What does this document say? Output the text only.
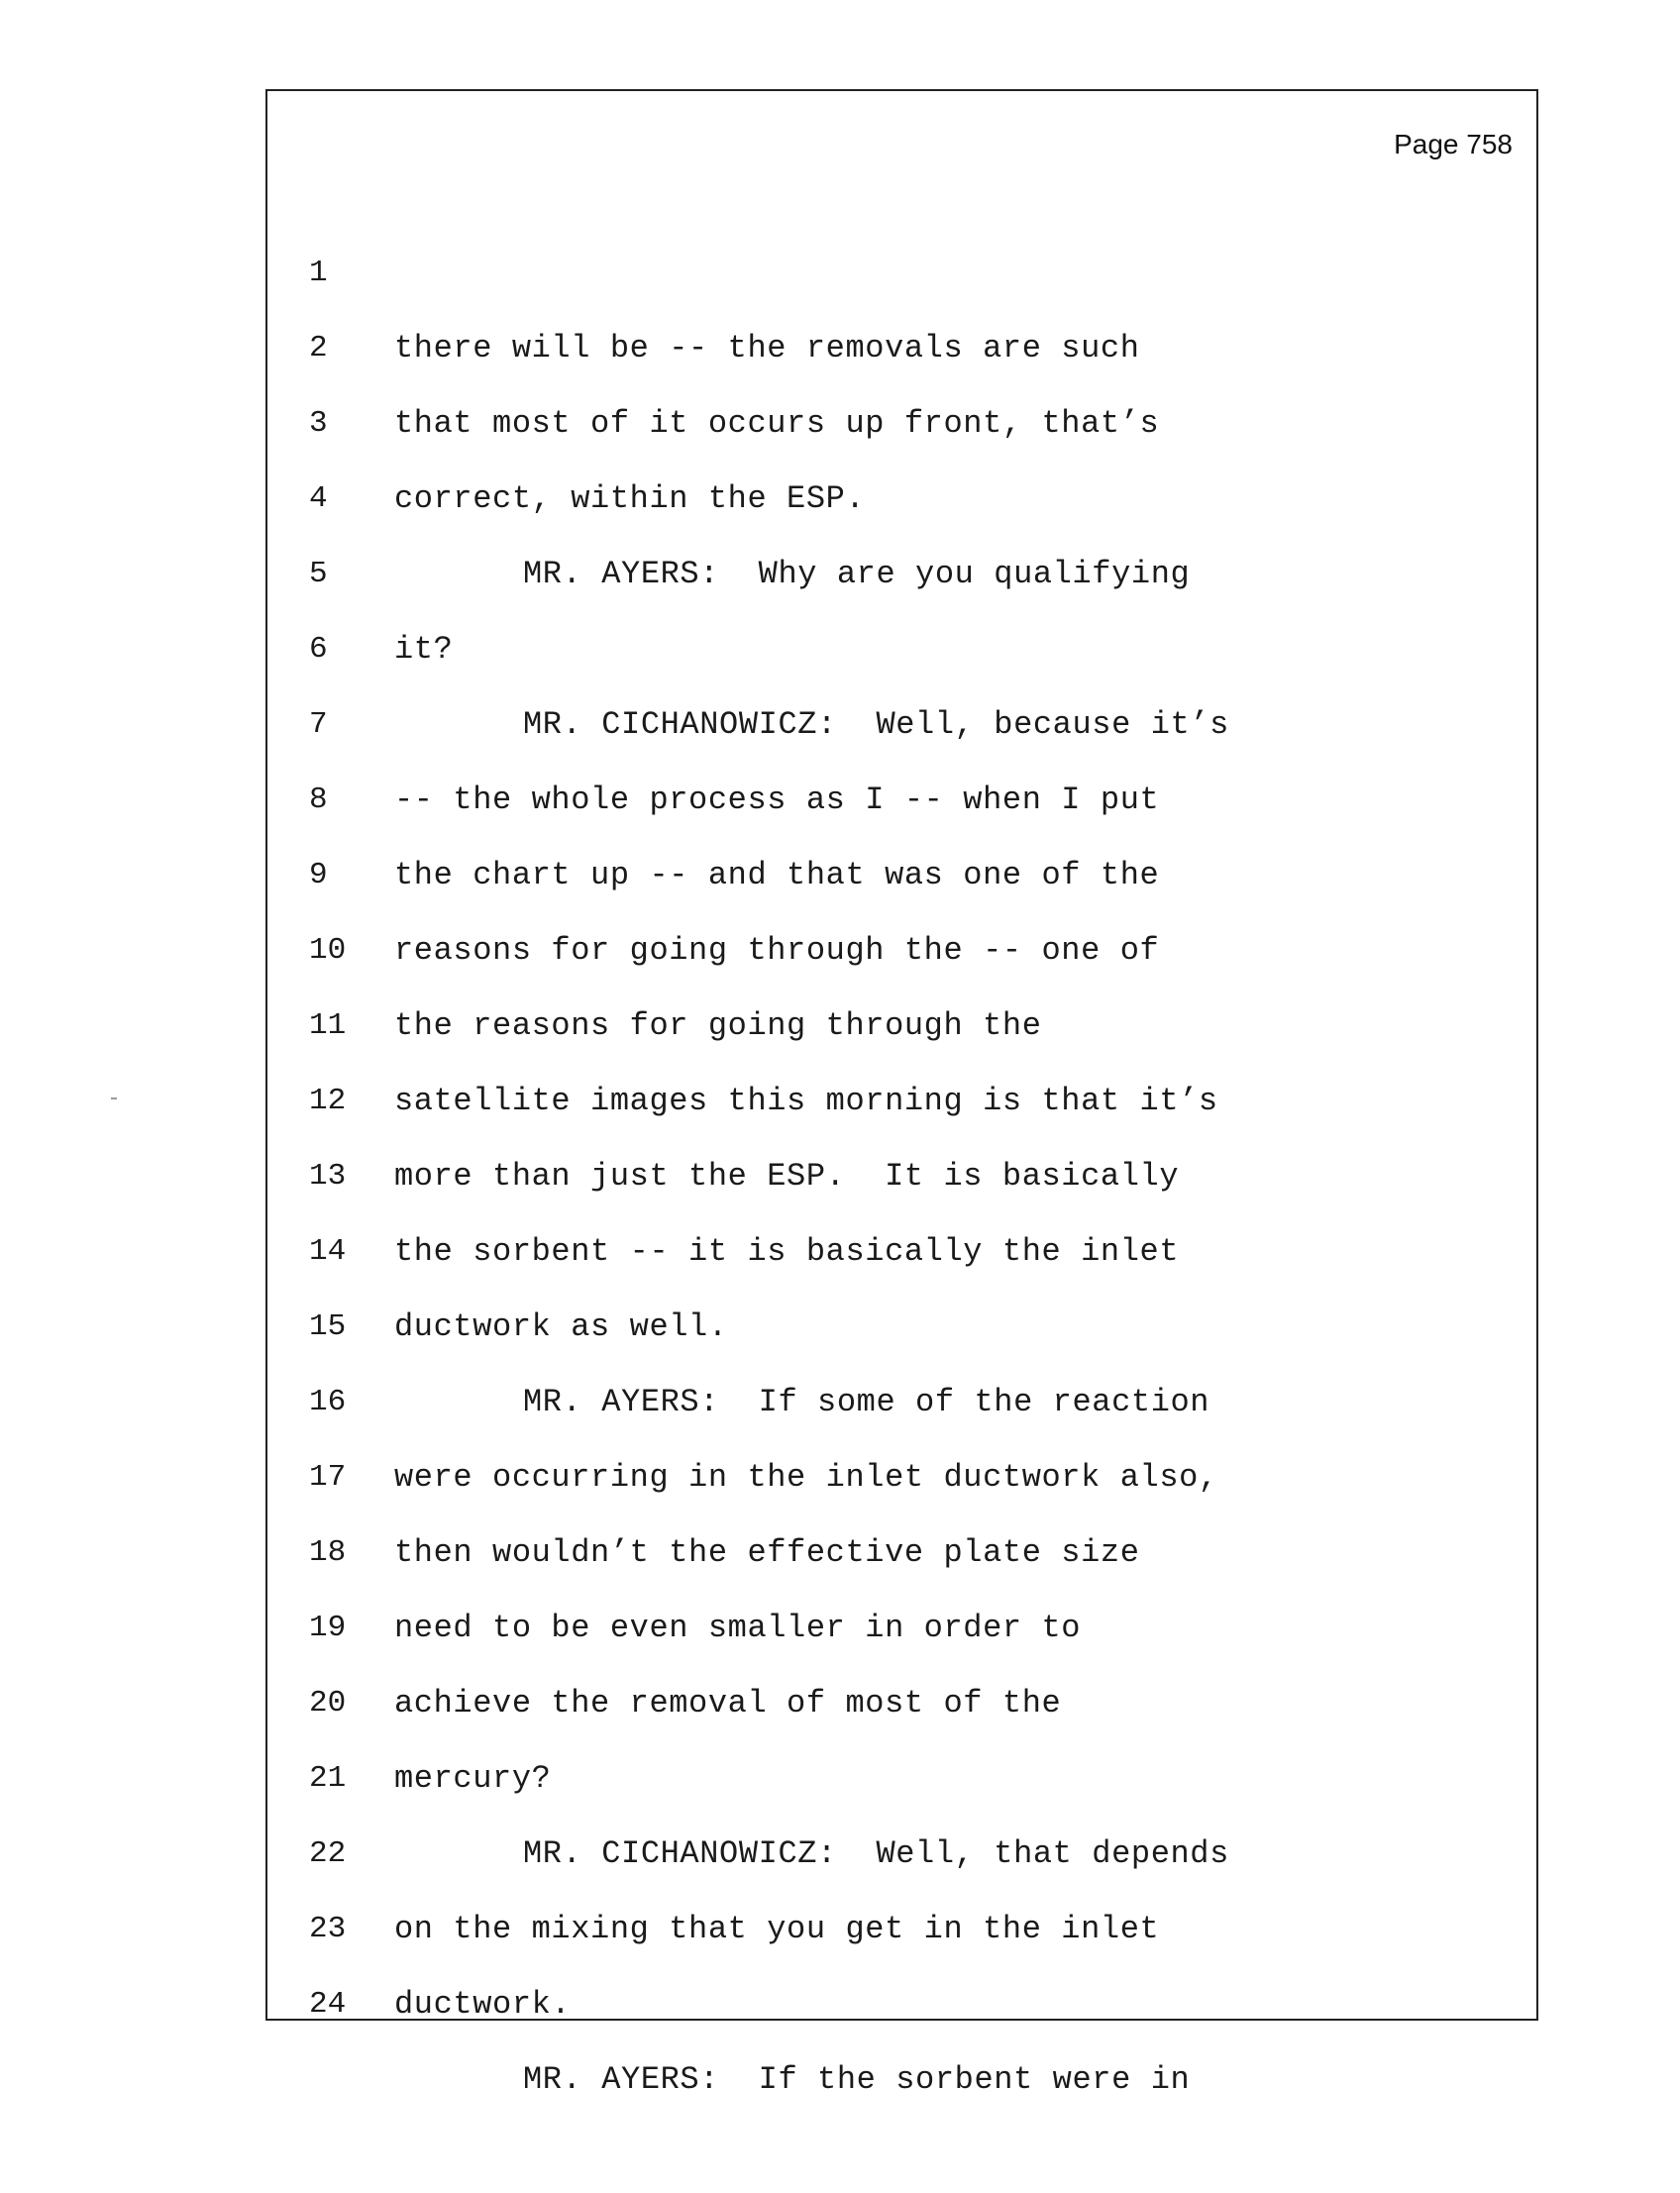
Page 758

1

there will be -- the removals are such

2

that most of it occurs up front, that’s

3

correct, within the ESP.

4

MR. AYERS:  Why are you qualifying

5

it?

6

MR. CICHANOWICZ:  Well, because it’s

7

-- the whole process as I -- when I put

8

the chart up -- and that was one of the

9

reasons for going through the -- one of

10

the reasons for going through the

11

satellite images this morning is that it’s

12

more than just the ESP.  It is basically

13

the sorbent -- it is basically the inlet

14

ductwork as well.

15

MR. AYERS:  If some of the reaction

16

were occurring in the inlet ductwork also,

17

then wouldn’t the effective plate size

18

need to be even smaller in order to

19

achieve the removal of most of the

20

mercury?

21

MR. CICHANOWICZ:  Well, that depends

22

on the mixing that you get in the inlet

23

ductwork.

24

MR. AYERS:  If the sorbent were in
